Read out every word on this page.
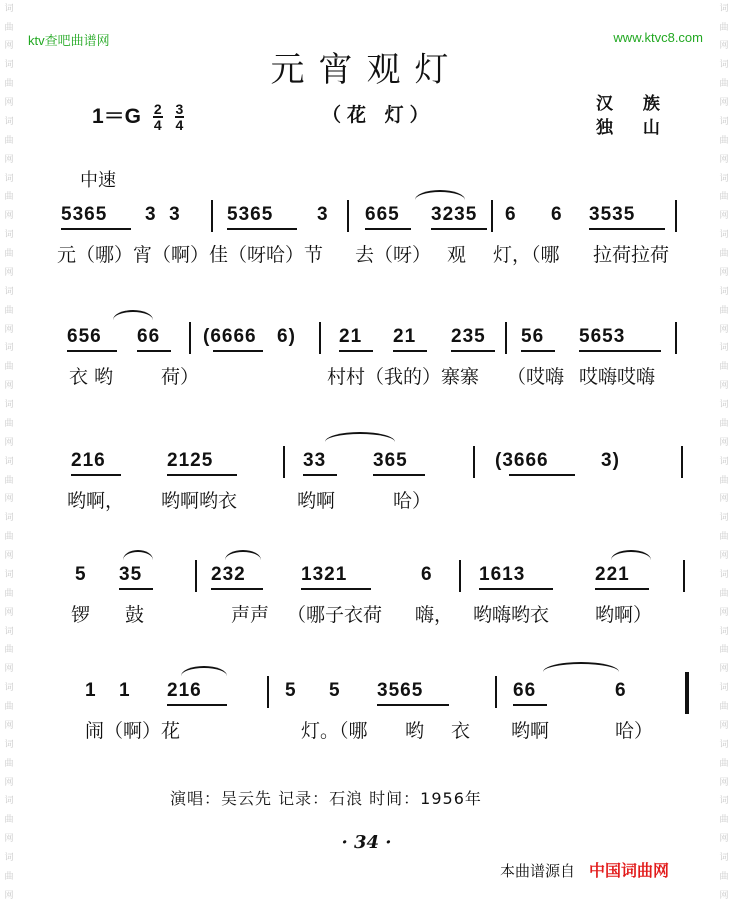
词
曲
网
词
曲
网
词
曲
网
词
曲
网
词
曲
网
词
曲
网
词
曲
网
词
曲
网
词
曲
网
词
曲
网
词
曲
网
词
曲
网
词
曲
网
词
曲
网
词
曲
网
词
曲
网
词
曲
网
词
曲
网
词
曲
网
词
曲
网
词
曲
网
词
曲
网
词
曲
网
词
曲
网
词
曲
网
词
曲
网
词
曲
网
词
曲
网
词
曲
网
词
曲
网
词
曲
网
词
曲
网
ktv查吧曲谱网	www.ktvc8.com
元宵观灯
$1=G \frac{2}{4}$
$\frac{3}{4}$	（花 灯）	汉 族
独 山
中速
5365 3  3 5365 3 665 3235 6 6 3535
元（哪）宵（啊）佳（呀哈）节 去（呀） 观 灯，（哪 拉荷拉荷
656 66 (6666 6) 21 21 235 56 5653
衣 哟	荷）	村村（我的）寨寨 （哎嗨 哎嗨哎嗨
216	2125	33 365	(3666	3)
哟啊， 哟啊哟衣	哟啊	哈）
5 35	232	1321	6 1613	221
锣 鼓	声声 （哪子衣荷 嗨， 哟嗨哟衣 哟啊）
1 1 216	5 5 3565	66	6
闹（啊）花	灯。（哪 哟 衣 哟啊	哈）
演唱：吴云先 记录：石浪 时间：1956年
· 34 ·
本曲谱源自 中国词曲网
